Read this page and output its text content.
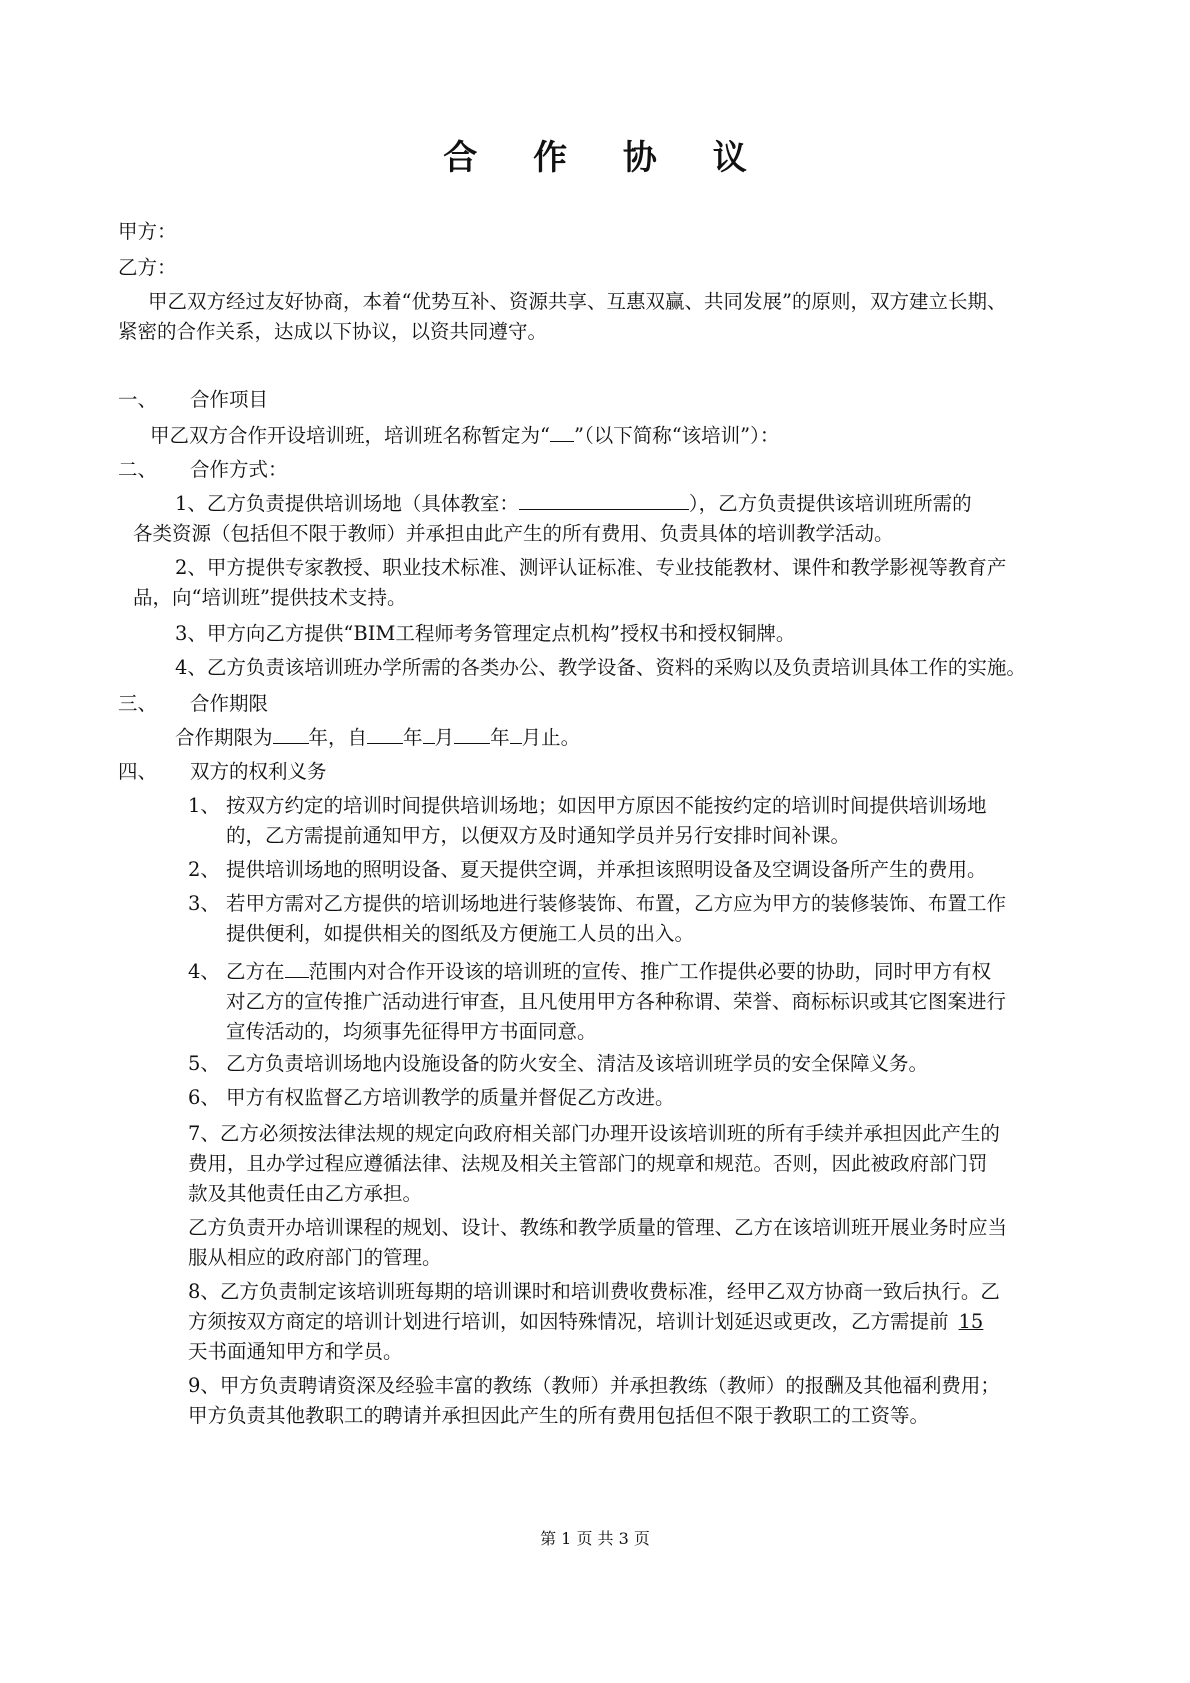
合 作 协 议
甲方：
乙方：
甲乙双方经过友好协商，本着“优势互补、资源共享、互惠双赢、共同发展”的原则，双方建立长期、
紧密的合作关系，达成以下协议，以资共同遵守。
一、 合作项目
甲乙双方合作开设培训班，培训班名称暂定为“ ”（以下简称“该培训”）：
二、 合作方式：
1、乙方负责提供培训场地（具体教室：	），乙方负责提供该培训班所需的
各类资源（包括但不限于教师）并承担由此产生的所有费用、负责具体的培训教学活动。
2、甲方提供专家教授、职业技术标准、测评认证标准、专业技能教材、课件和教学影视等教育产
品，向“培训班”提供技术支持。
3、甲方向乙方提供“BIM工程师考务管理定点机构”授权书和授权铜牌。
4、乙方负责该培训班办学所需的各类办公、教学设备、资料的采购以及负责培训具体工作的实施。
三、 合作期限
合作期限为 年，自 年 月 年 月止。
四、 双方的权利义务
1、 按双方约定的培训时间提供培训场地；如因甲方原因不能按约定的培训时间提供培训场地
的，乙方需提前通知甲方，以便双方及时通知学员并另行安排时间补课。
2、 提供培训场地的照明设备、夏天提供空调，并承担该照明设备及空调设备所产生的费用。
3、 若甲方需对乙方提供的培训场地进行装修装饰、布置，乙方应为甲方的装修装饰、布置工作
提供便利，如提供相关的图纸及方便施工人员的出入。
4、 乙方在 范围内对合作开设该的培训班的宣传、推广工作提供必要的协助，同时甲方有权
对乙方的宣传推广活动进行审查，且凡使用甲方各种称谓、荣誉、商标标识或其它图案进行
宣传活动的，均须事先征得甲方书面同意。
5、 乙方负责培训场地内设施设备的防火安全、清洁及该培训班学员的安全保障义务。
6、 甲方有权监督乙方培训教学的质量并督促乙方改进。
7、乙方必须按法律法规的规定向政府相关部门办理开设该培训班的所有手续并承担因此产生的
费用，且办学过程应遵循法律、法规及相关主管部门的规章和规范。否则，因此被政府部门罚
款及其他责任由乙方承担。
乙方负责开办培训课程的规划、设计、教练和教学质量的管理、乙方在该培训班开展业务时应当
服从相应的政府部门的管理。
8、乙方负责制定该培训班每期的培训课时和培训费收费标准，经甲乙双方协商一致后执行。乙
方须按双方商定的培训计划进行培训，如因特殊情况，培训计划延迟或更改，乙方需提前 15
天书面通知甲方和学员。
9、甲方负责聘请资深及经验丰富的教练（教师）并承担教练（教师）的报酬及其他福利费用；
甲方负责其他教职工的聘请并承担因此产生的所有费用包括但不限于教职工的工资等。
第 1 页 共 3 页
